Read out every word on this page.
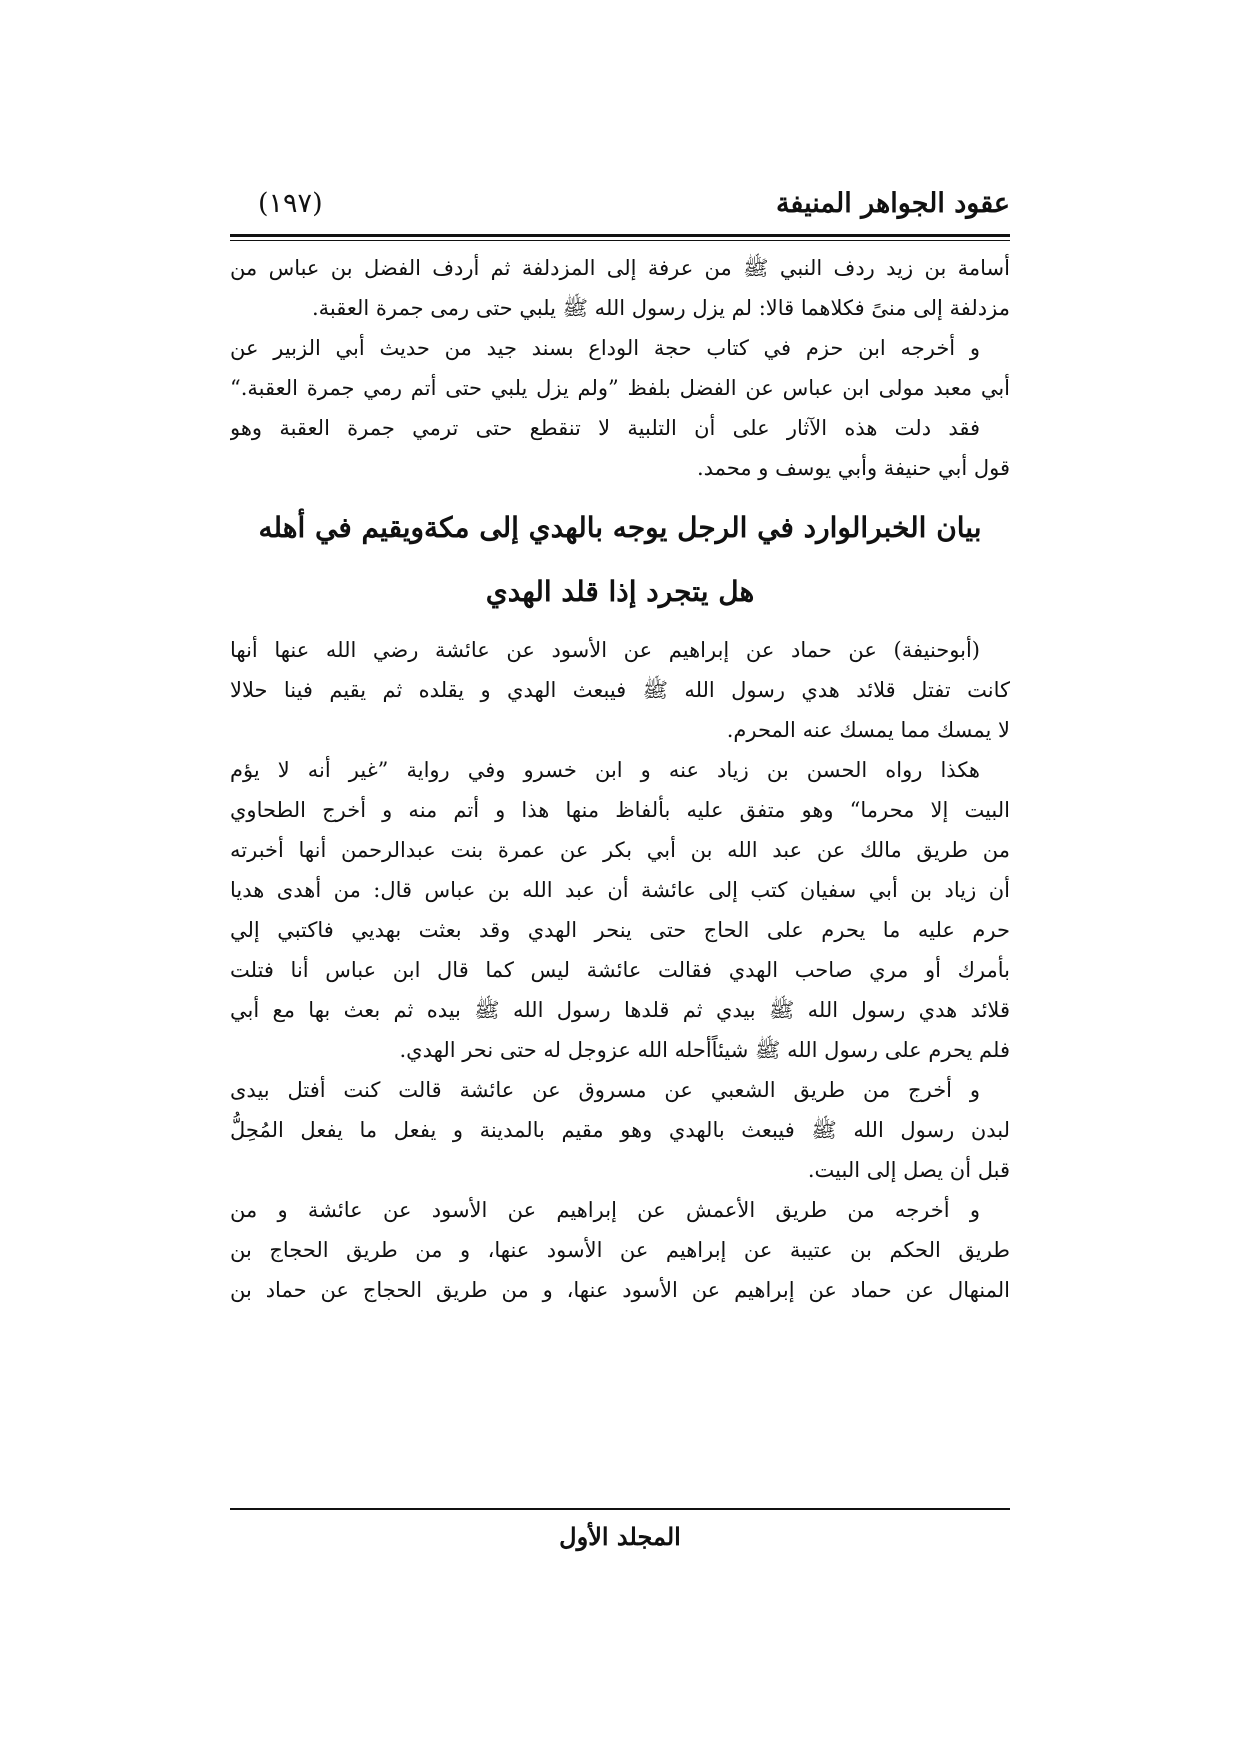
عقود الجواهر المنيفة
(١٩٧)
أسامة بن زيد ردف النبي ﷺ من عرفة إلى المزدلفة ثم أردف الفضل بن عباس من
مزدلفة إلى منىً فكلاهما قالا: لم يزل رسول الله ﷺ يلبي حتى رمى جمرة العقبة.
و أخرجه ابن حزم في كتاب حجة الوداع بسند جيد من حديث أبي الزبير عن
أبي معبد مولى ابن عباس عن الفضل بلفظ ”ولم يزل يلبي حتى أتم رمي جمرة العقبة.“
فقد دلت هذه الآثار على أن التلبية لا تنقطع حتى ترمي جمرة العقبة وهو
قول أبي حنيفة وأبي يوسف و محمد.
بيان الخبرالوارد في الرجل يوجه بالهدي إلى مكةويقيم في أهله
هل يتجرد إذا قلد الهدي
(أبوحنيفة) عن حماد عن إبراهيم عن الأسود عن عائشة رضي الله عنها أنها
كانت تفتل قلائد هدي رسول الله ﷺ فيبعث الهدي و يقلده ثم يقيم فينا حلالا
لا يمسك مما يمسك عنه المحرم.
هكذا رواه الحسن بن زياد عنه و ابن خسرو وفي رواية ”غير أنه لا يؤم
البيت إلا محرما“ وهو متفق عليه بألفاظ منها هذا و أتم منه و أخرج الطحاوي
من طريق مالك عن عبد الله بن أبي بكر عن عمرة بنت عبدالرحمن أنها أخبرته
أن زياد بن أبي سفيان كتب إلى عائشة أن عبد الله بن عباس قال: من أهدى هديا
حرم عليه ما يحرم على الحاج حتى ينحر الهدي وقد بعثت بهديي فاكتبي إلي
بأمرك أو مري صاحب الهدي فقالت عائشة ليس كما قال ابن عباس أنا فتلت
قلائد هدي رسول الله ﷺ بيدي ثم قلدها رسول الله ﷺ بيده ثم بعث بها مع أبي
فلم يحرم على رسول الله ﷺ شيئاًأحله الله عزوجل له حتى نحر الهدي.
و أخرج من طريق الشعبي عن مسروق عن عائشة قالت كنت أفتل بيدى
لبدن رسول الله ﷺ فيبعث بالهدي وهو مقيم بالمدينة و يفعل ما يفعل المُحِلُّ
قبل أن يصل إلى البيت.
و أخرجه من طريق الأعمش عن إبراهيم عن الأسود عن عائشة و من
طريق الحكم بن عتيبة عن إبراهيم عن الأسود عنها، و من طريق الحجاج بن
المنهال عن حماد عن إبراهيم عن الأسود عنها، و من طريق الحجاج عن حماد بن
المجلد الأول
